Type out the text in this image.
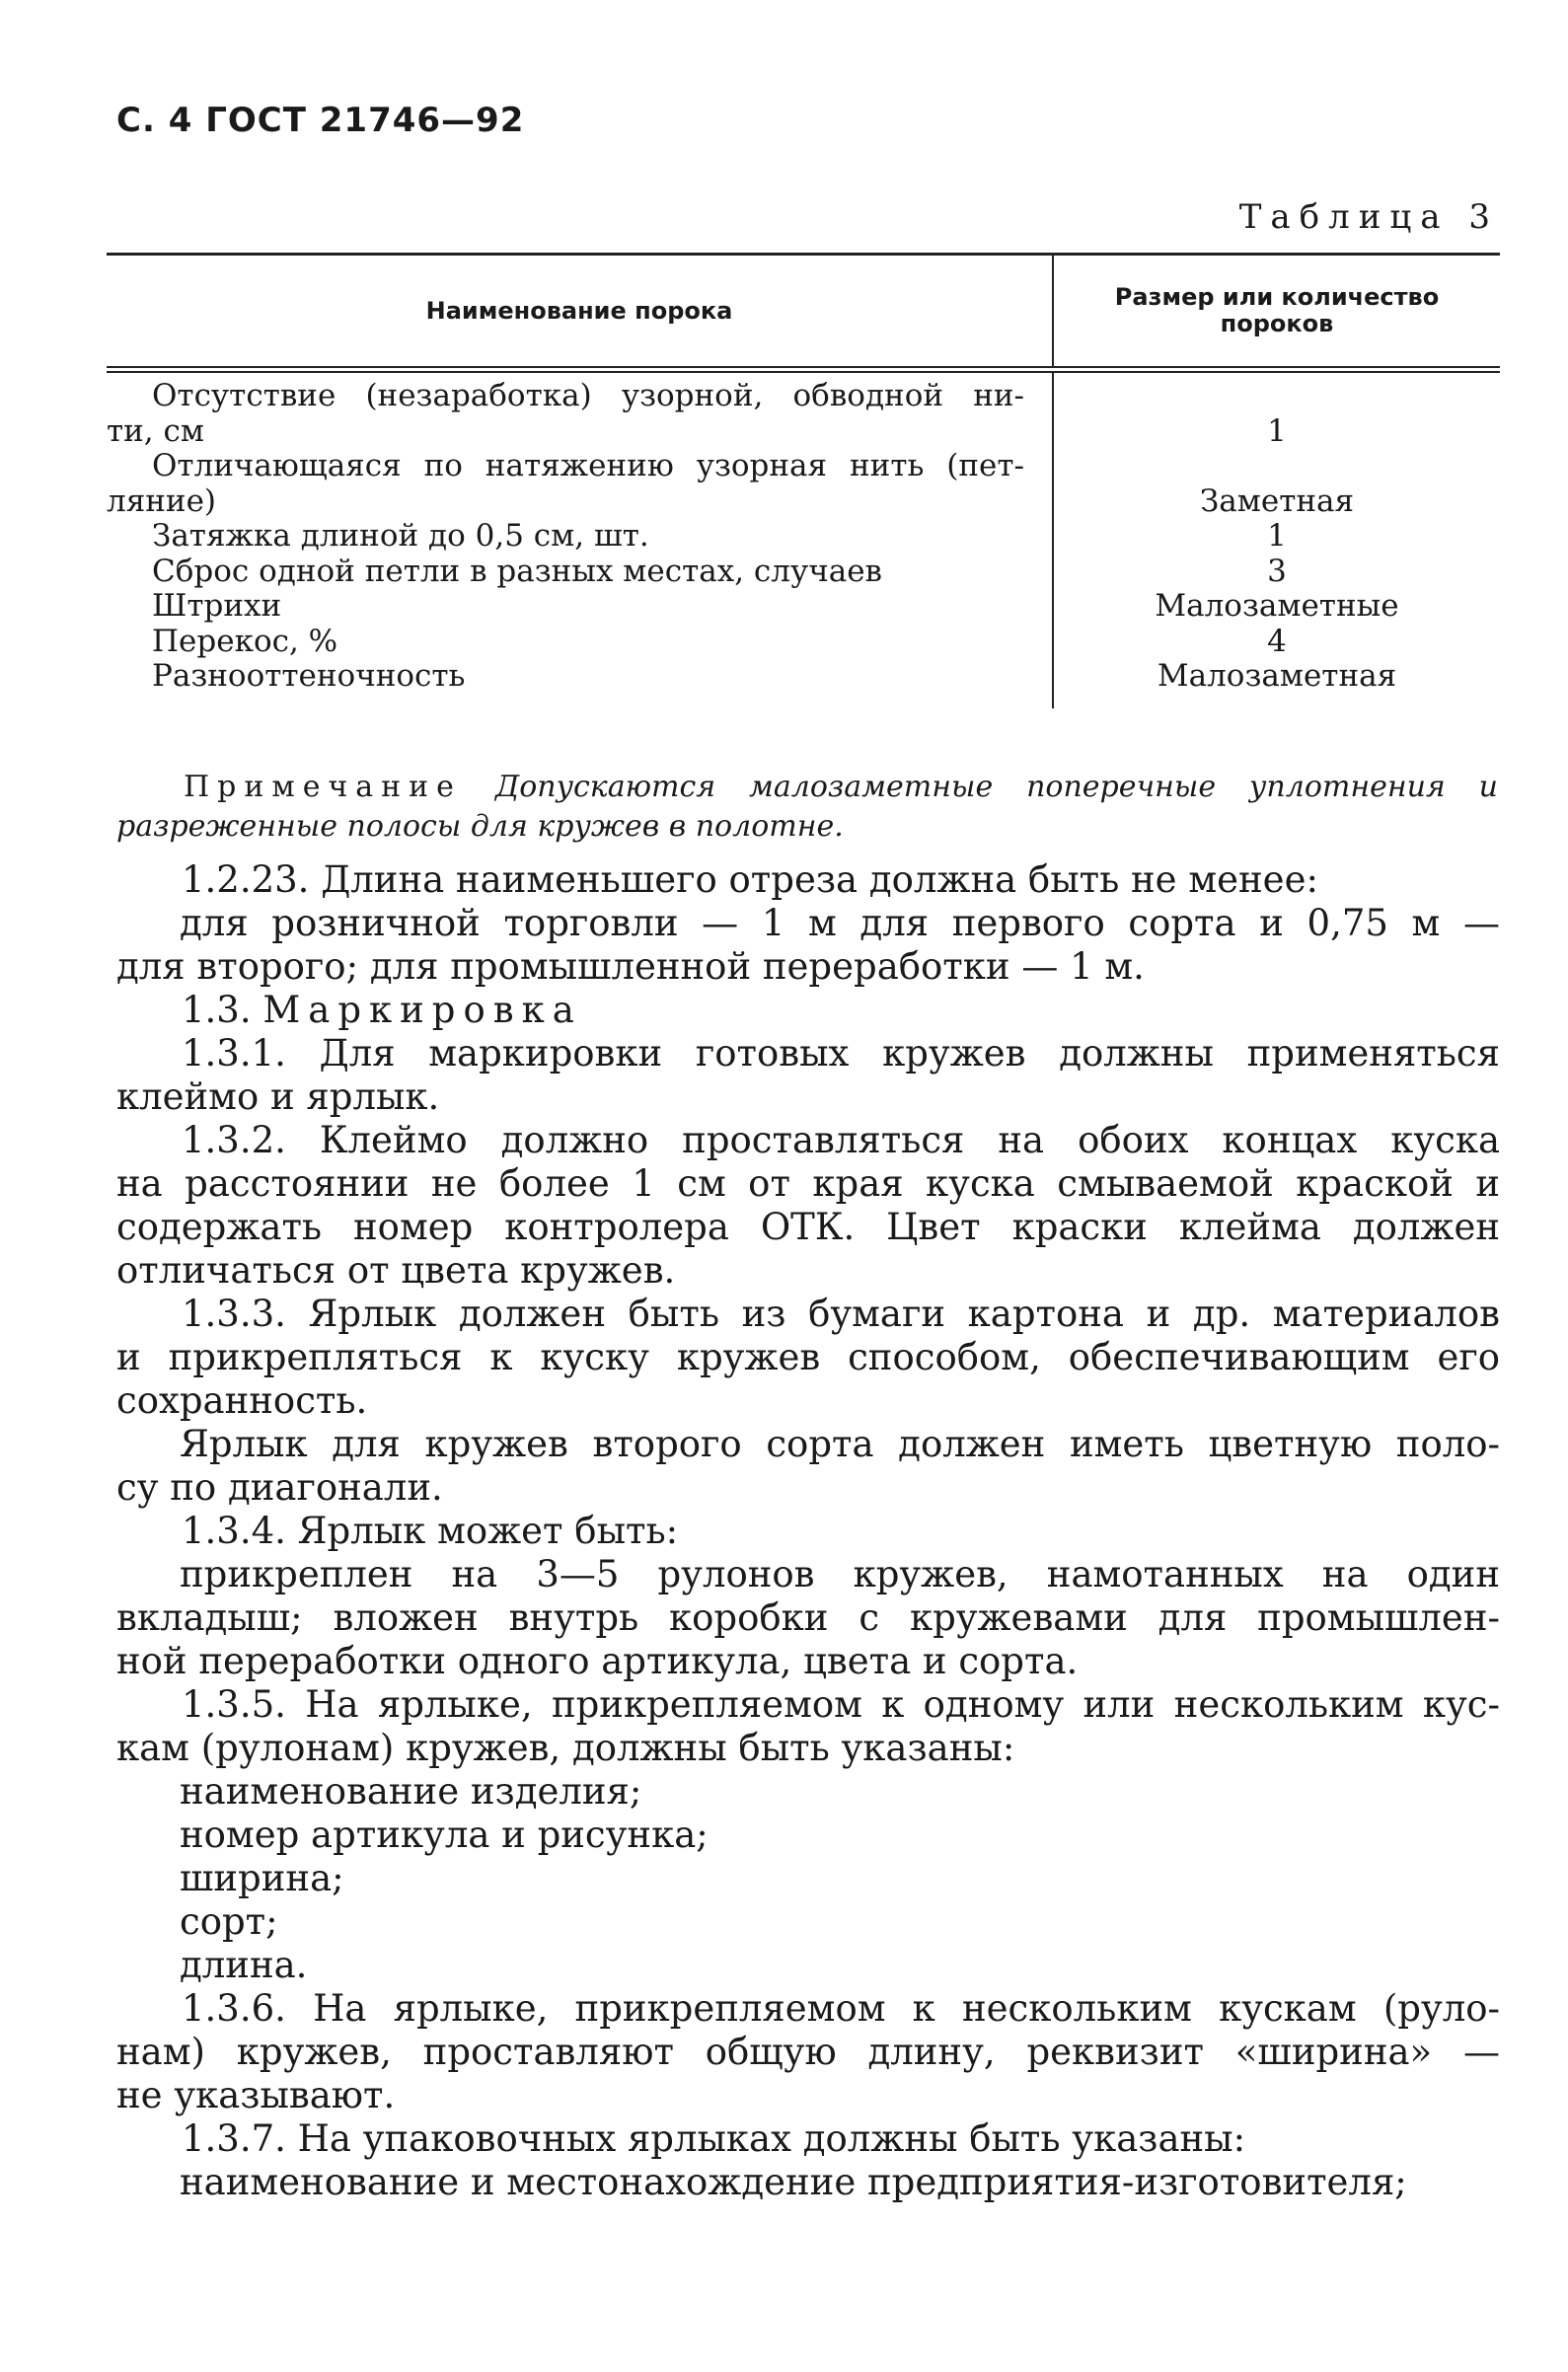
С. 4 ГОСТ 21746—92
Таблица 3
Наименование порока	Размер или количество
пороков
Отсутствие (незаработка) узорной, обводной ни-
ти, см
Отличающаяся по натяжению узорная нить (пет-
ляние)
Затяжка длиной до 0,5 см, шт.
Сброс одной петли в разных местах, случаев
Штрихи
Перекос, %
Разнооттеночность

1

Заметная
1
3
Малозаметные
4
Малозаметная
Примечание Допускаются малозаметные поперечные уплотнения и
разреженные полосы для кружев в полотне.
1.2.23. Длина наименьшего отреза должна быть не менее:
для розничной торговли — 1 м для первого сорта и 0,75 м —
для второго; для промышленной переработки — 1 м.
1.3. Маркировка
1.3.1. Для маркировки готовых кружев должны применяться
клеймо и ярлык.
1.3.2. Клеймо должно проставляться на обоих концах куска
на расстоянии не более 1 см от края куска смываемой краской и
содержать номер контролера ОТК. Цвет краски клейма должен
отличаться от цвета кружев.
1.3.3. Ярлык должен быть из бумаги картона и др. материалов
и прикрепляться к куску кружев способом, обеспечивающим его
сохранность.
Ярлык для кружев второго сорта должен иметь цветную поло-
су по диагонали.
1.3.4. Ярлык может быть:
прикреплен на 3—5 рулонов кружев, намотанных на один
вкладыш; вложен внутрь коробки с кружевами для промышлен-
ной переработки одного артикула, цвета и сорта.
1.3.5. На ярлыке, прикрепляемом к одному или нескольким кус-
кам (рулонам) кружев, должны быть указаны:
наименование изделия;
номер артикула и рисунка;
ширина;
сорт;
длина.
1.3.6. На ярлыке, прикрепляемом к нескольким кускам (руло-
нам) кружев, проставляют общую длину, реквизит «ширина» —
не указывают.
1.3.7. На упаковочных ярлыках должны быть указаны:
наименование и местонахождение предприятия-изготовителя;
